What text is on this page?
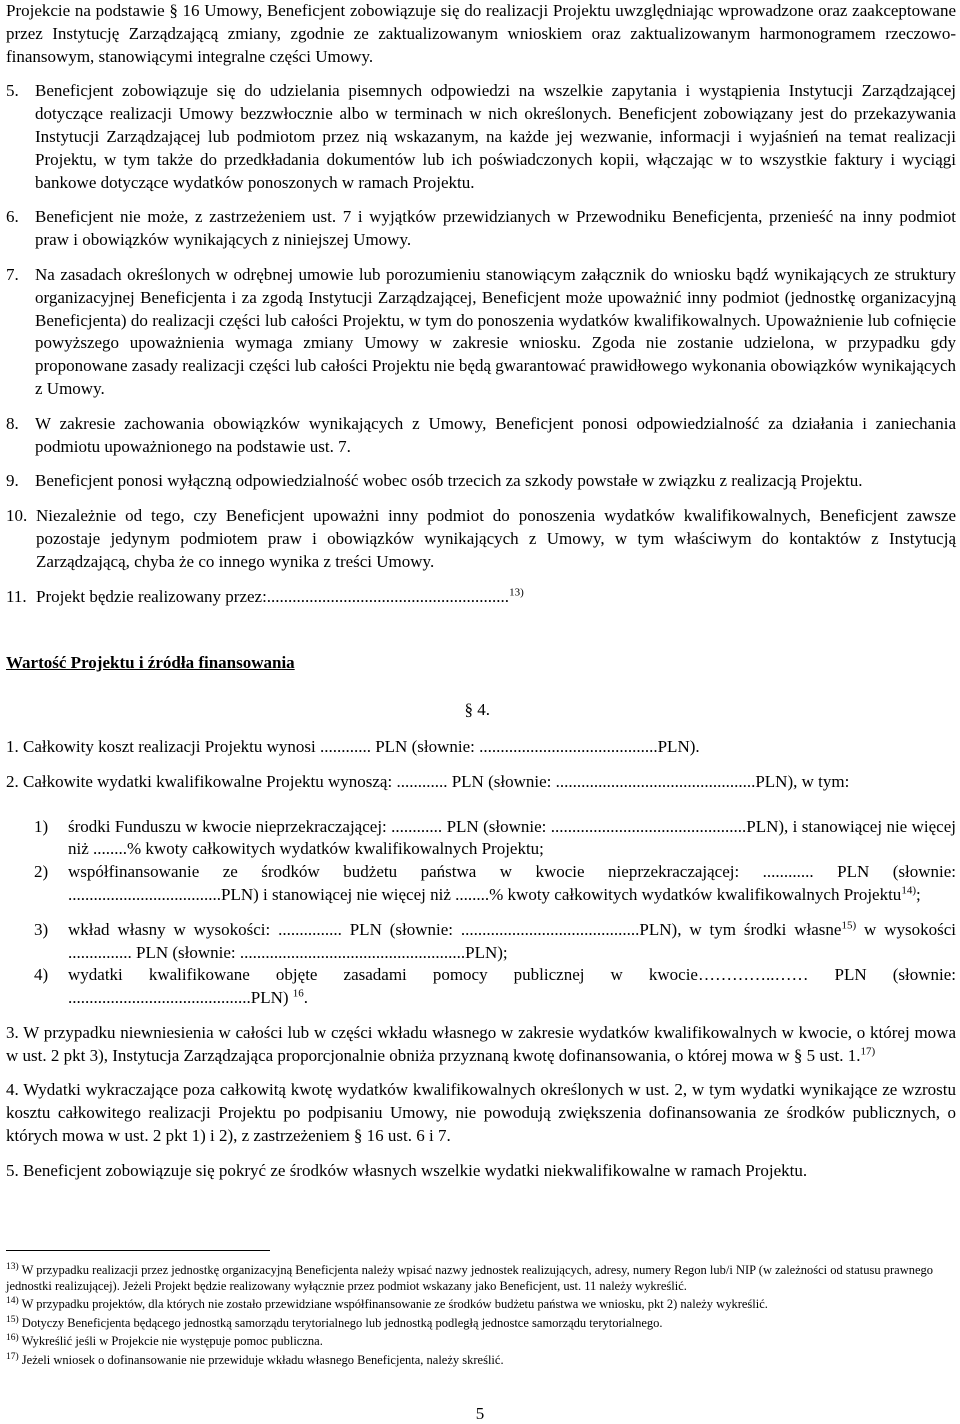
Projekcie na podstawie § 16 Umowy, Beneficjent zobowiązuje się do realizacji Projektu uwzględniając wprowadzone oraz zaakceptowane przez Instytucję Zarządzającą zmiany, zgodnie ze zaktualizowanym wnioskiem oraz zaktualizowanym harmonogramem rzeczowo-finansowym, stanowiącymi integralne części Umowy.

5. Beneficjent zobowiązuje się do udzielania pisemnych odpowiedzi na wszelkie zapytania i wystąpienia Instytucji Zarządzającej dotyczące realizacji Umowy bezzwłocznie albo w terminach w nich określonych. Beneficjent zobowiązany jest do przekazywania Instytucji Zarządzającej lub podmiotom przez nią wskazanym, na każde jej wezwanie, informacji i wyjaśnień na temat realizacji Projektu, w tym także do przedkładania dokumentów lub ich poświadczonych kopii, włączając w to wszystkie faktury i wyciągi bankowe dotyczące wydatków ponoszonych w ramach Projektu.

6. Beneficjent nie może, z zastrzeżeniem ust. 7 i wyjątków przewidzianych w Przewodniku Beneficjenta, przenieść na inny podmiot praw i obowiązków wynikających z niniejszej Umowy.

7. Na zasadach określonych w odrębnej umowie lub porozumieniu stanowiącym załącznik do wniosku bądź wynikających ze struktury organizacyjnej Beneficjenta i za zgodą Instytucji Zarządzającej, Beneficjent może upoważnić inny podmiot (jednostkę organizacyjną Beneficjenta) do realizacji części lub całości Projektu, w tym do ponoszenia wydatków kwalifikowalnych. Upoważnienie lub cofnięcie powyższego upoważnienia wymaga zmiany Umowy w zakresie wniosku. Zgoda nie zostanie udzielona, w przypadku gdy proponowane zasady realizacji części lub całości Projektu nie będą gwarantować prawidłowego wykonania obowiązków wynikających z Umowy.

8. W zakresie zachowania obowiązków wynikających z Umowy, Beneficjent ponosi odpowiedzialność za działania i zaniechania podmiotu upoważnionego na podstawie ust. 7.

9. Beneficjent ponosi wyłączną odpowiedzialność wobec osób trzecich za szkody powstałe w związku z realizacją Projektu.

10. Niezależnie od tego, czy Beneficjent upoważni inny podmiot do ponoszenia wydatków kwalifikowalnych, Beneficjent zawsze pozostaje jedynym podmiotem praw i obowiązków wynikających z Umowy, w tym właściwym do kontaktów z Instytucją Zarządzającą, chyba że co innego wynika z treści Umowy.

11. Projekt będzie realizowany przez:.........................................................$^{13)}$

Wartość Projektu i źródła finansowania

§ 4.

1. Całkowity koszt realizacji Projektu wynosi ............ PLN (słownie: ..........................................PLN).

2. Całkowite wydatki kwalifikowalne Projektu wynoszą: ............ PLN (słownie: ...............................................PLN), w tym:

1) środki Funduszu w kwocie nieprzekraczającej: ............ PLN (słownie: ..............................................PLN), i stanowiącej nie więcej niż ........% kwoty całkowitych wydatków kwalifikowalnych Projektu;

2) współfinansowanie ze środków budżetu państwa w kwocie nieprzekraczającej: ............ PLN (słownie: ....................................PLN) i stanowiącej nie więcej niż ........% kwoty całkowitych wydatków kwalifikowalnych Projektu$^{14)}$;

3) wkład własny w wysokości: ............... PLN (słownie: ..........................................PLN), w tym środki własne$^{15)}$ w wysokości ............... PLN (słownie: .....................................................PLN);

4) wydatki kwalifikowane objęte zasadami pomocy publicznej w kwocie…………..…… PLN (słownie: ...........................................PLN) $^{16}$.

3. W przypadku niewniesienia w całości lub w części wkładu własnego w zakresie wydatków kwalifikowalnych w kwocie, o której mowa w ust. 2 pkt 3), Instytucja Zarządzająca proporcjonalnie obniża przyznaną kwotę dofinansowania, o której mowa w § 5 ust. 1.$^{17)}$

4. Wydatki wykraczające poza całkowitą kwotę wydatków kwalifikowalnych określonych w ust. 2, w tym wydatki wynikające ze wzrostu kosztu całkowitego realizacji Projektu po podpisaniu Umowy, nie powodują zwiększenia dofinansowania ze środków publicznych, o których mowa w ust. 2 pkt 1) i 2), z zastrzeżeniem § 16 ust. 6 i 7.

5. Beneficjent zobowiązuje się pokryć ze środków własnych wszelkie wydatki niekwalifikowalne w ramach Projektu.

$^{13)}$ W przypadku realizacji przez jednostkę organizacyjną Beneficjenta należy wpisać nazwy jednostek realizujących, adresy, numery Regon lub/i NIP (w zależności od statusu prawnego jednostki realizującej). Jeżeli Projekt będzie realizowany wyłącznie przez podmiot wskazany jako Beneficjent, ust. 11 należy wykreślić.

$^{14)}$ W przypadku projektów, dla których nie zostało przewidziane współfinansowanie ze środków budżetu państwa we wniosku, pkt 2) należy wykreślić.

$^{15)}$ Dotyczy Beneficjenta będącego jednostką samorządu terytorialnego lub jednostką podległą jednostce samorządu terytorialnego.

$^{16)}$ Wykreślić jeśli w Projekcie nie występuje pomoc publiczna.

$^{17)}$ Jeżeli wniosek o dofinansowanie nie przewiduje wkładu własnego Beneficjenta, należy skreślić.

5
